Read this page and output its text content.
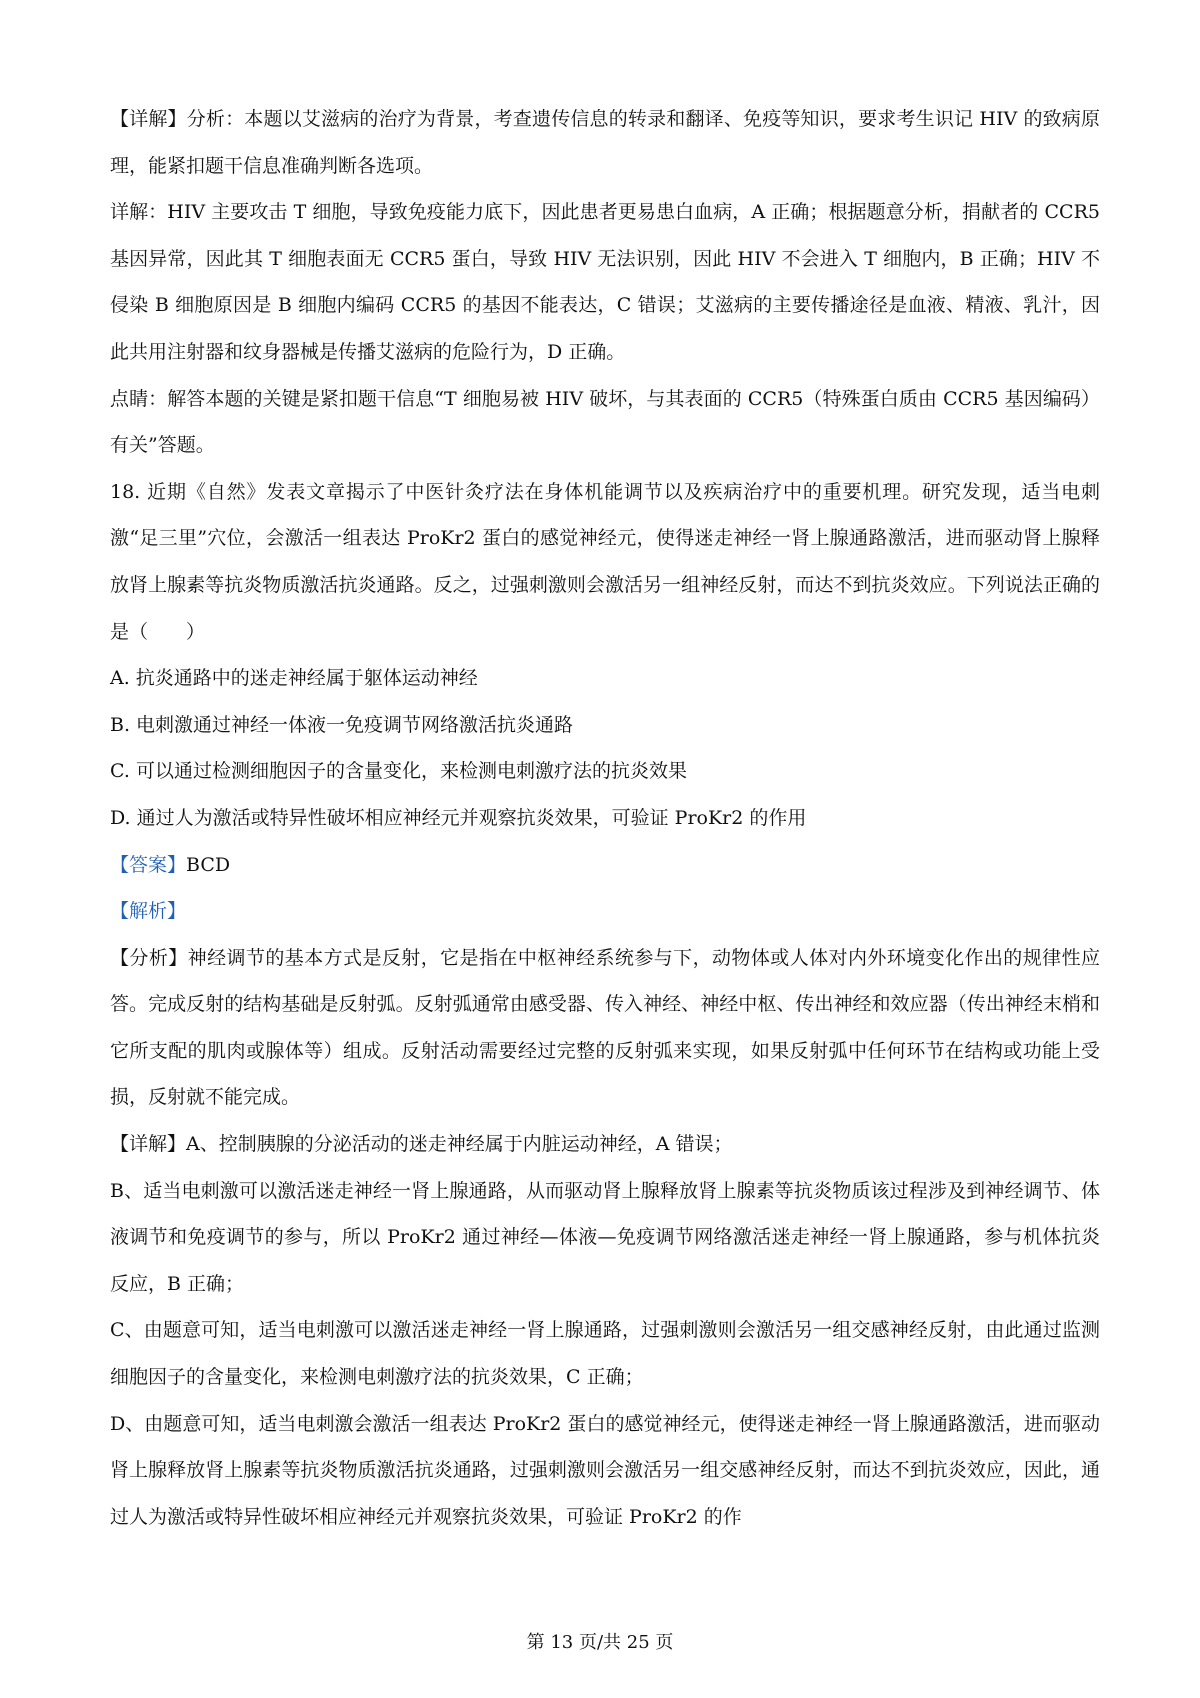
【详解】分析：本题以艾滋病的治疗为背景，考查遗传信息的转录和翻译、免疫等知识，要求考生识记 HIV 的致病原理，能紧扣题干信息准确判断各选项。

详解：HIV 主要攻击 T 细胞，导致免疫能力底下，因此患者更易患白血病，A 正确；根据题意分析，捐献者的 CCR5 基因异常，因此其 T 细胞表面无 CCR5 蛋白，导致 HIV 无法识别，因此 HIV 不会进入 T 细胞内，B 正确；HIV 不侵染 B 细胞原因是 B 细胞内编码 CCR5 的基因不能表达，C 错误；艾滋病的主要传播途径是血液、精液、乳汁，因此共用注射器和纹身器械是传播艾滋病的危险行为，D 正确。

点睛：解答本题的关键是紧扣题干信息“T 细胞易被 HIV 破坏，与其表面的 CCR5（特殊蛋白质由 CCR5 基因编码）有关”答题。

18. 近期《自然》发表文章揭示了中医针灸疗法在身体机能调节以及疾病治疗中的重要机理。研究发现，适当电刺激“足三里”穴位，会激活一组表达 ProKr2 蛋白的感觉神经元，使得迷走神经一肾上腺通路激活，进而驱动肾上腺释放肾上腺素等抗炎物质激活抗炎通路。反之，过强刺激则会激活另一组神经反射，而达不到抗炎效应。下列说法正确的是（　　）

A. 抗炎通路中的迷走神经属于躯体运动神经

B. 电刺激通过神经一体液一免疫调节网络激活抗炎通路

C. 可以通过检测细胞因子的含量变化，来检测电刺激疗法的抗炎效果

D. 通过人为激活或特异性破坏相应神经元并观察抗炎效果，可验证 ProKr2 的作用

【答案】BCD

【解析】

【分析】神经调节的基本方式是反射，它是指在中枢神经系统参与下，动物体或人体对内外环境变化作出的规律性应答。完成反射的结构基础是反射弧。反射弧通常由感受器、传入神经、神经中枢、传出神经和效应器（传出神经末梢和它所支配的肌肉或腺体等）组成。反射活动需要经过完整的反射弧来实现，如果反射弧中任何环节在结构或功能上受损，反射就不能完成。

【详解】A、控制胰腺的分泌活动的迷走神经属于内脏运动神经，A 错误；

B、适当电刺激可以激活迷走神经一肾上腺通路，从而驱动肾上腺释放肾上腺素等抗炎物质该过程涉及到神经调节、体液调节和免疫调节的参与，所以 ProKr2 通过神经—体液—免疫调节网络激活迷走神经一肾上腺通路，参与机体抗炎反应，B 正确；

C、由题意可知，适当电刺激可以激活迷走神经一肾上腺通路，过强刺激则会激活另一组交感神经反射，由此通过监测细胞因子的含量变化，来检测电刺激疗法的抗炎效果，C 正确；

D、由题意可知，适当电刺激会激活一组表达 ProKr2 蛋白的感觉神经元，使得迷走神经一肾上腺通路激活，进而驱动肾上腺释放肾上腺素等抗炎物质激活抗炎通路，过强刺激则会激活另一组交感神经反射，而达不到抗炎效应，因此，通过人为激活或特异性破坏相应神经元并观察抗炎效果，可验证 ProKr2 的作

第 13 页/共 25 页
